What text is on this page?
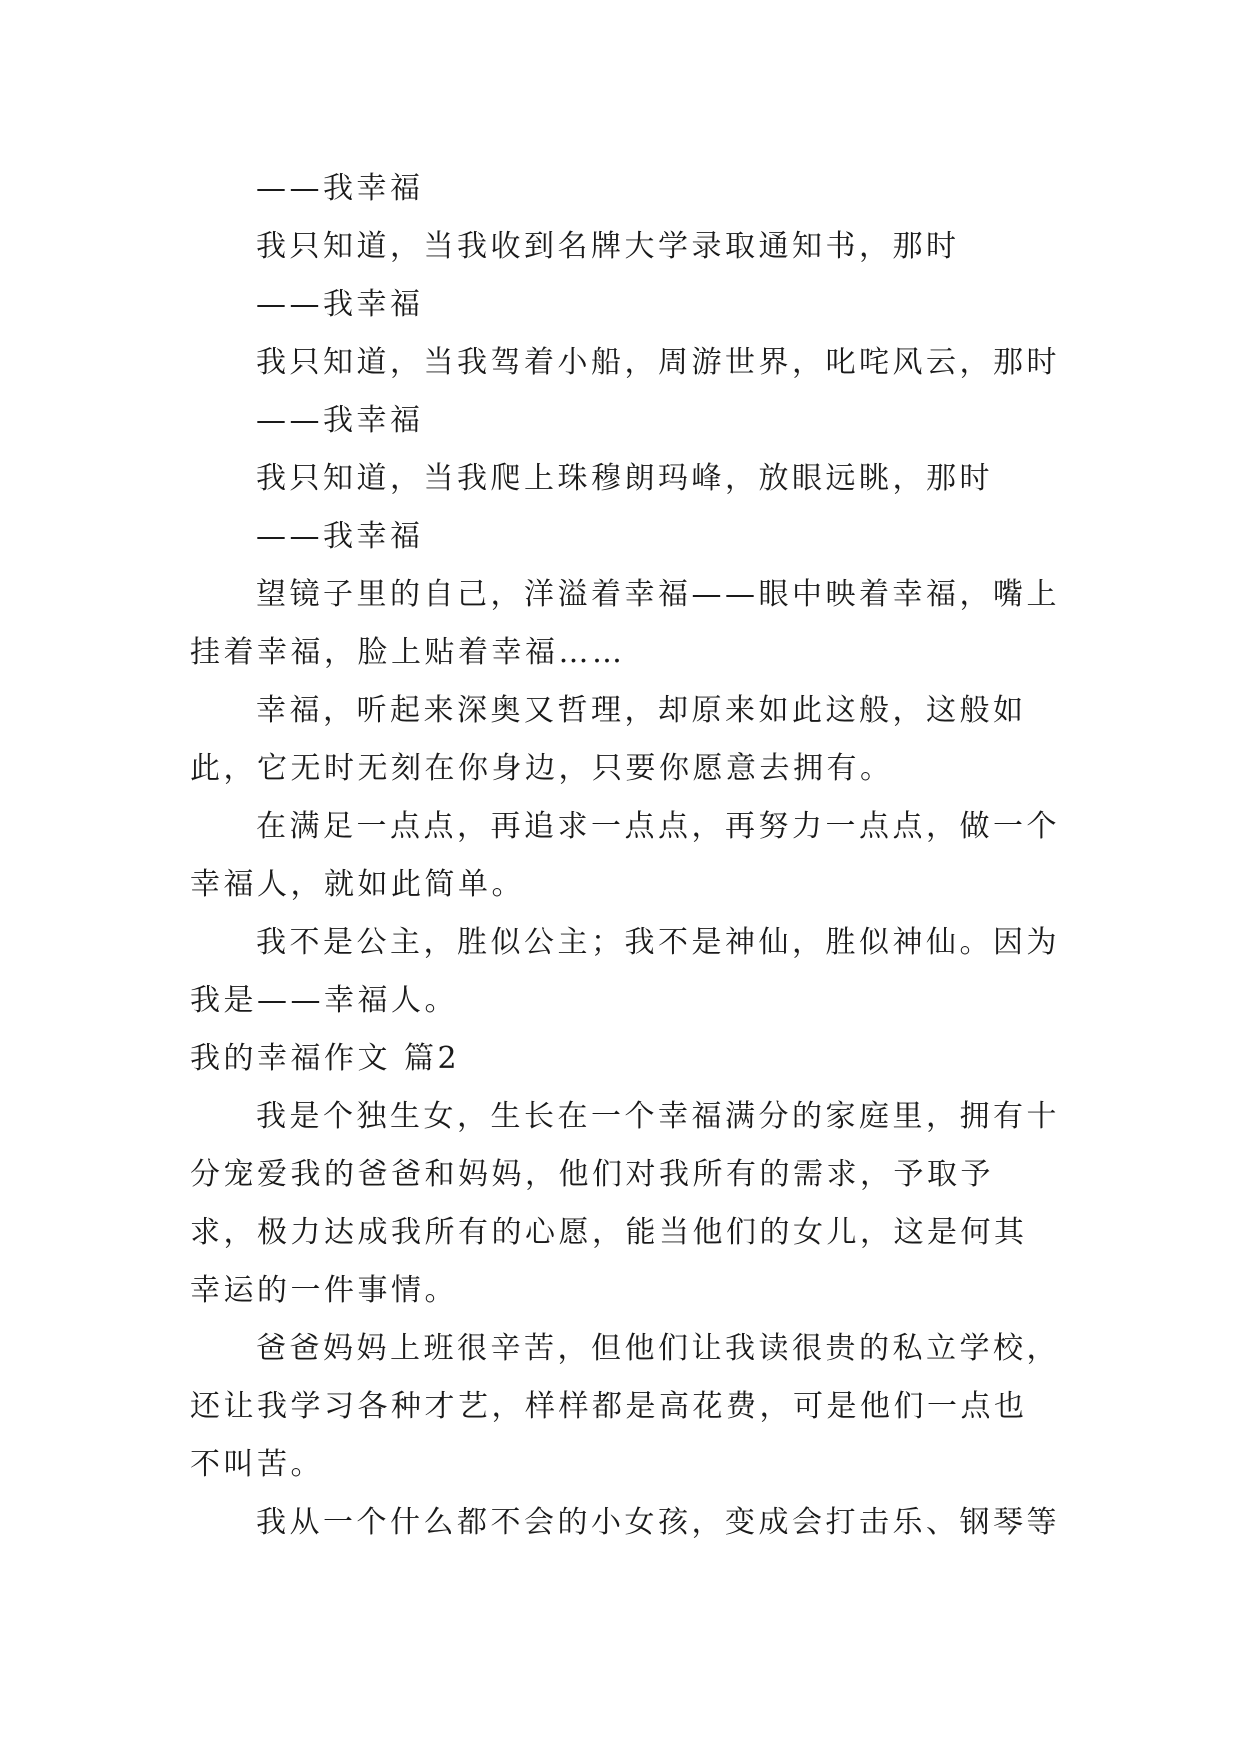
——我幸福

我只知道，当我收到名牌大学录取通知书，那时

——我幸福

我只知道，当我驾着小船，周游世界，叱咤风云，那时

——我幸福

我只知道，当我爬上珠穆朗玛峰，放眼远眺，那时

——我幸福

望镜子里的自己，洋溢着幸福——眼中映着幸福，嘴上挂着幸福，脸上贴着幸福……

幸福，听起来深奥又哲理，却原来如此这般，这般如此，它无时无刻在你身边，只要你愿意去拥有。

在满足一点点，再追求一点点，再努力一点点，做一个幸福人，就如此简单。

我不是公主，胜似公主；我不是神仙，胜似神仙。因为我是——幸福人。

我的幸福作文 篇2

我是个独生女，生长在一个幸福满分的家庭里，拥有十分宠爱我的爸爸和妈妈，他们对我所有的需求，予取予求，极力达成我所有的心愿，能当他们的女儿，这是何其幸运的一件事情。

爸爸妈妈上班很辛苦，但他们让我读很贵的私立学校，还让我学习各种才艺，样样都是高花费，可是他们一点也不叫苦。

我从一个什么都不会的小女孩，变成会打击乐、钢琴等
